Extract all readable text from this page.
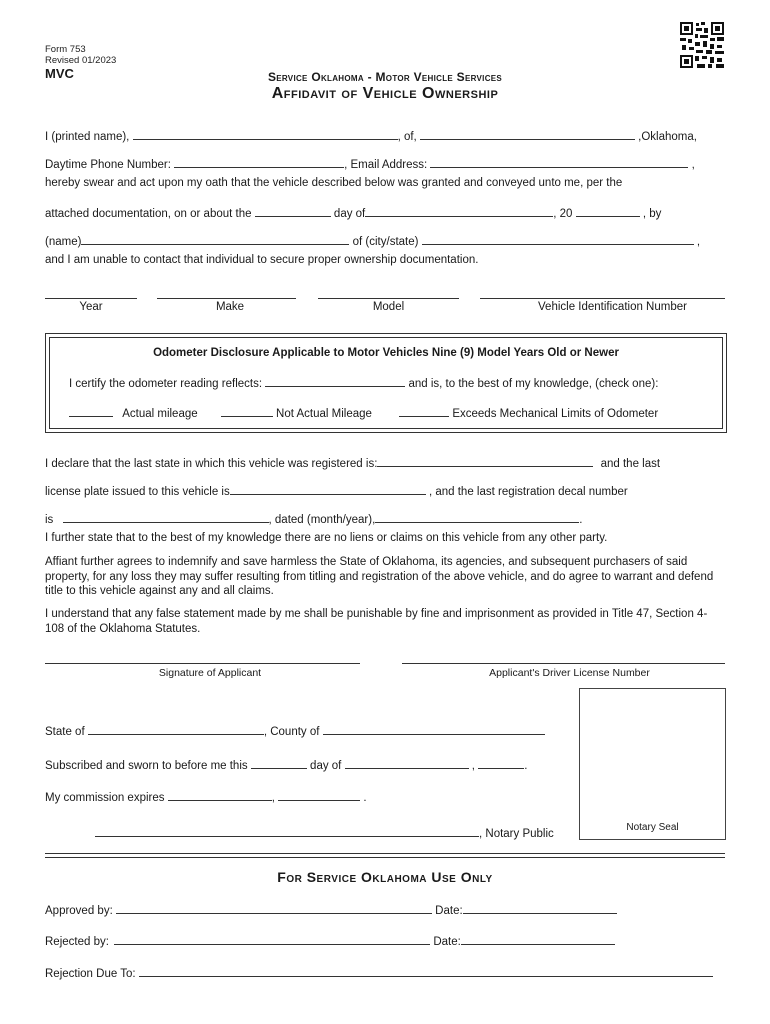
Form 753
Revised 01/2023
MVC	Service Oklahoma - Motor Vehicle Services
Affidavit of Vehicle Ownership
I (printed name),	, of,	,Oklahoma,
Daytime Phone Number:	, Email Address:	,
hereby swear and act upon my oath that the vehicle described below was granted and conveyed unto me, per the
attached documentation, on or about the	day of	, 20	, by
(name)	of (city/state)	,
and I am unable to contact that individual to secure proper ownership documentation.
Year	Make	Model	Vehicle Identification Number
Odometer Disclosure Applicable to Motor Vehicles Nine (9) Model Years Old or Newer
I certify the odometer reading reflects:	and is, to the best of my knowledge, (check one):
Actual mileage	Not Actual Mileage	Exceeds Mechanical Limits of Odometer
I declare that the last state in which this vehicle was registered is:	and the last
license plate issued to this vehicle is	, and the last registration decal number
is	, dated (month/year),	.
I further state that to the best of my knowledge there are no liens or claims on this vehicle from any other party.
Affiant further agrees to indemnify and save harmless the State of Oklahoma, its agencies, and subsequent purchasers of said property, for any loss they may suffer resulting from titling and registration of the above vehicle, and do agree to warrant and defend title to this vehicle against any and all claims.
I understand that any false statement made by me shall be punishable by fine and imprisonment as provided in Title 47, Section 4-108 of the Oklahoma Statutes.
Signature of Applicant	Applicant's Driver License Number
State of	, County of
Subscribed and sworn to before me this	day of	,	.
My commission expires	,	.
, Notary Public
Notary Seal
For Service Oklahoma Use Only
Approved by:	Date:
Rejected by:	Date:
Rejection Due To:
